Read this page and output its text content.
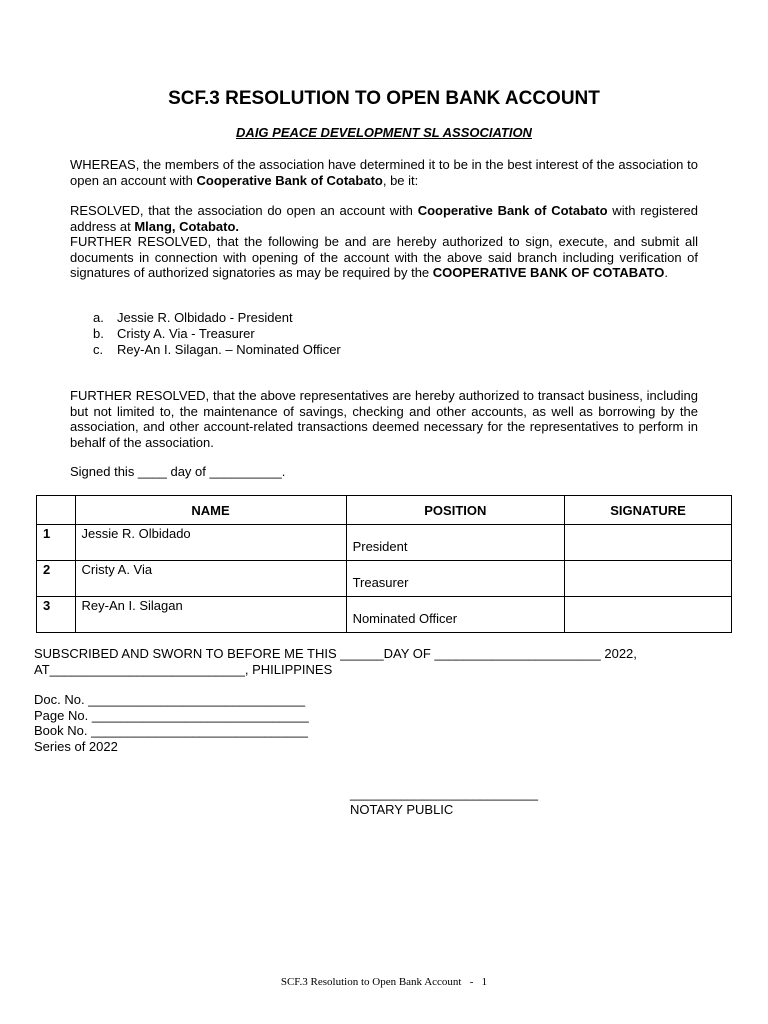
SCF.3 RESOLUTION TO OPEN BANK ACCOUNT
DAIG PEACE DEVELOPMENT SL ASSOCIATION
WHEREAS, the members of the association have determined it to be in the best interest of the association to open an account with Cooperative Bank of Cotabato, be it:
RESOLVED, that the association do open an account with Cooperative Bank of Cotabato with registered address at Mlang, Cotabato.
FURTHER RESOLVED, that the following be and are hereby authorized to sign, execute, and submit all documents in connection with opening of the account with the above said branch including verification of signatures of authorized signatories as may be required by the COOPERATIVE BANK OF COTABATO.
a. Jessie R. Olbidado - President
b. Cristy A. Via - Treasurer
c. Rey-An I. Silagan. – Nominated Officer
FURTHER RESOLVED, that the above representatives are hereby authorized to transact business, including but not limited to, the maintenance of savings, checking and other accounts, as well as borrowing by the association, and other account-related transactions deemed necessary for the representatives to perform in behalf of the association.
Signed this ____ day of __________.
	NAME	POSITION	SIGNATURE
1	Jessie R. Olbidado	President	
2	Cristy A. Via	Treasurer	
3	Rey-An I. Silagan	Nominated Officer	
SUBSCRIBED AND SWORN TO BEFORE ME THIS ______DAY OF _______________________ 2022,
AT___________________________, PHILIPPINES
Doc. No. ______________________________
Page No. ______________________________
Book No. ______________________________
Series of 2022
__________________________
NOTARY PUBLIC
SCF.3 Resolution to Open Bank Account   -   1
